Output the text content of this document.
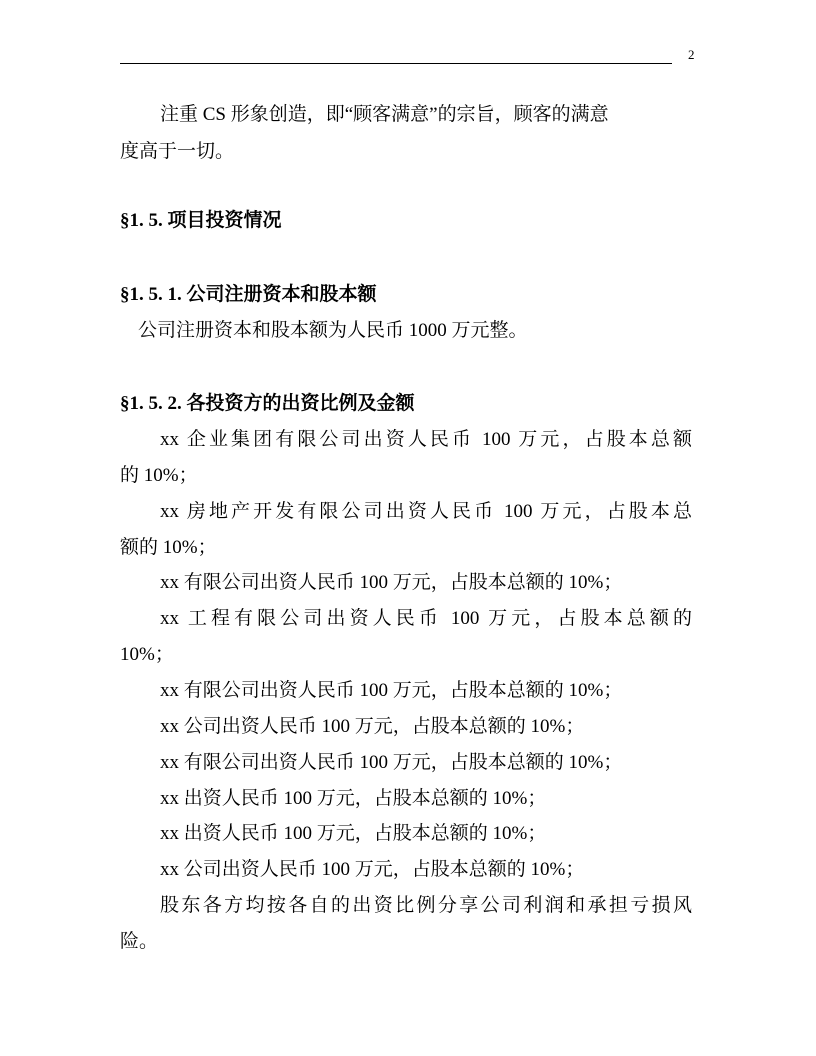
2
注重 CS 形象创造，即“顾客满意”的宗旨，顾客的满意
度高于一切。
§1. 5. 项目投资情况
§1. 5. 1. 公司注册资本和股本额
公司注册资本和股本额为人民币 1000 万元整。
§1. 5. 2. 各投资方的出资比例及金额
xx 企业集团有限公司出资人民币 100 万元，占股本总额
的 10%；
xx 房地产开发有限公司出资人民币 100 万元，占股本总
额的 10%；
xx 有限公司出资人民币 100 万元，占股本总额的 10%；
xx 工程有限公司出资人民币 100 万元，占股本总额的
10%；
xx 有限公司出资人民币 100 万元，占股本总额的 10%；
xx 公司出资人民币 100 万元，占股本总额的 10%；
xx 有限公司出资人民币 100 万元，占股本总额的 10%；
xx 出资人民币 100 万元，占股本总额的 10%；
xx 出资人民币 100 万元，占股本总额的 10%；
xx 公司出资人民币 100 万元，占股本总额的 10%；
股东各方均按各自的出资比例分享公司利润和承担亏损风
险。
